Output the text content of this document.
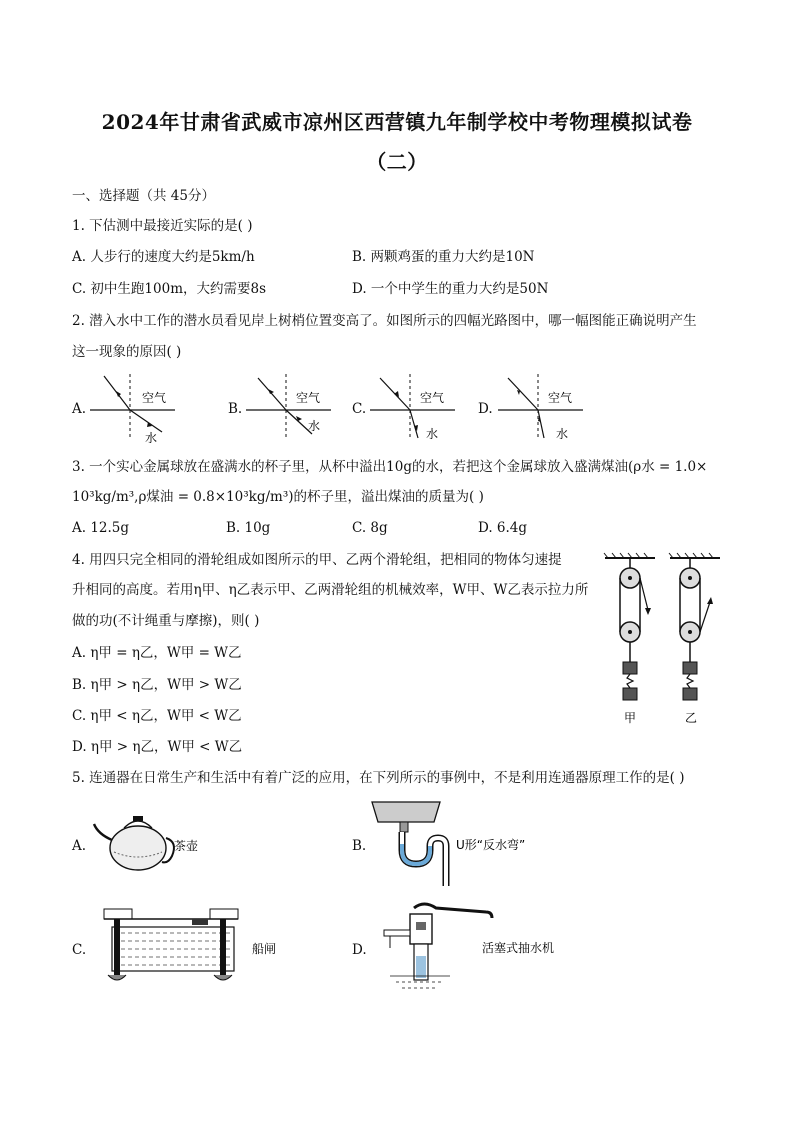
2024年甘肃省武威市凉州区西营镇九年制学校中考物理模拟试卷
（二）
一、选择题（共 45分）
1. 下估测中最接近实际的是( )
A. 人步行的速度大约是5km/h	B. 两颗鸡蛋的重力大约是10N
C. 初中生跑100m，大约需要8s	D. 一个中学生的重力大约是50N
2. 潜入水中工作的潜水员看见岸上树梢位置变高了。如图所示的四幅光路图中，哪一幅图能正确说明产生
这一现象的原因( )
A.
空气
水
B.
空气
水
C.
空气
水
D.
空气
水
3. 一个实心金属球放在盛满水的杯子里，从杯中溢出10g的水，若把这个金属球放入盛满煤油(ρ水 = 1.0×
10³kg/m³,ρ煤油 = 0.8×10³kg/m³)的杯子里，溢出煤油的质量为( )
A. 12.5g	B. 10g	C. 8g	D. 6.4g
4. 用四只完全相同的滑轮组成如图所示的甲、乙两个滑轮组，把相同的物体匀速提
升相同的高度。若用η甲、η乙表示甲、乙两滑轮组的机械效率，W甲、W乙表示拉力所
做的功(不计绳重与摩擦)，则( )
A. η甲 = η乙，W甲 = W乙
B. η甲 > η乙，W甲 > W乙
C. η甲 < η乙，W甲 < W乙
D. η甲 > η乙，W甲 < W乙
甲	乙
5. 连通器在日常生产和生活中有着广泛的应用，在下列所示的事例中，不是利用连通器原理工作的是( )
A.	茶壶	B.	U形“反水弯”
C.	船闸	D.	活塞式抽水机
